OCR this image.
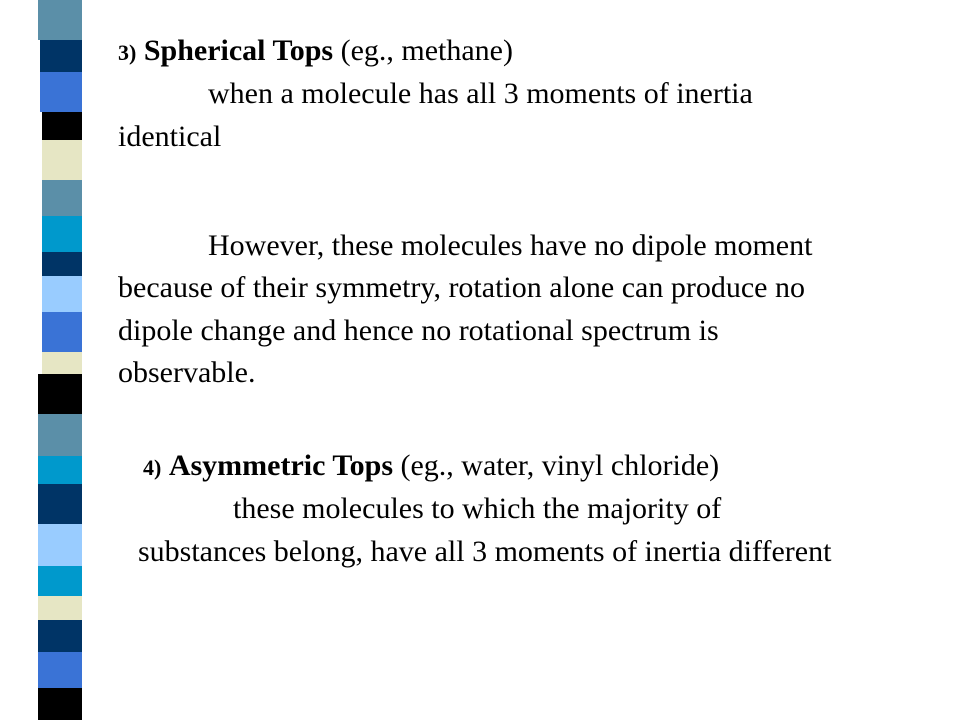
3) Spherical Tops (eg., methane)
when a molecule has all 3 moments of inertia
identical
However, these molecules have no dipole moment
because of their symmetry, rotation alone can produce no
dipole change and hence no rotational spectrum is
observable.
4) Asymmetric Tops (eg., water, vinyl chloride)
these molecules to which the majority of
substances belong, have all 3 moments of inertia different
